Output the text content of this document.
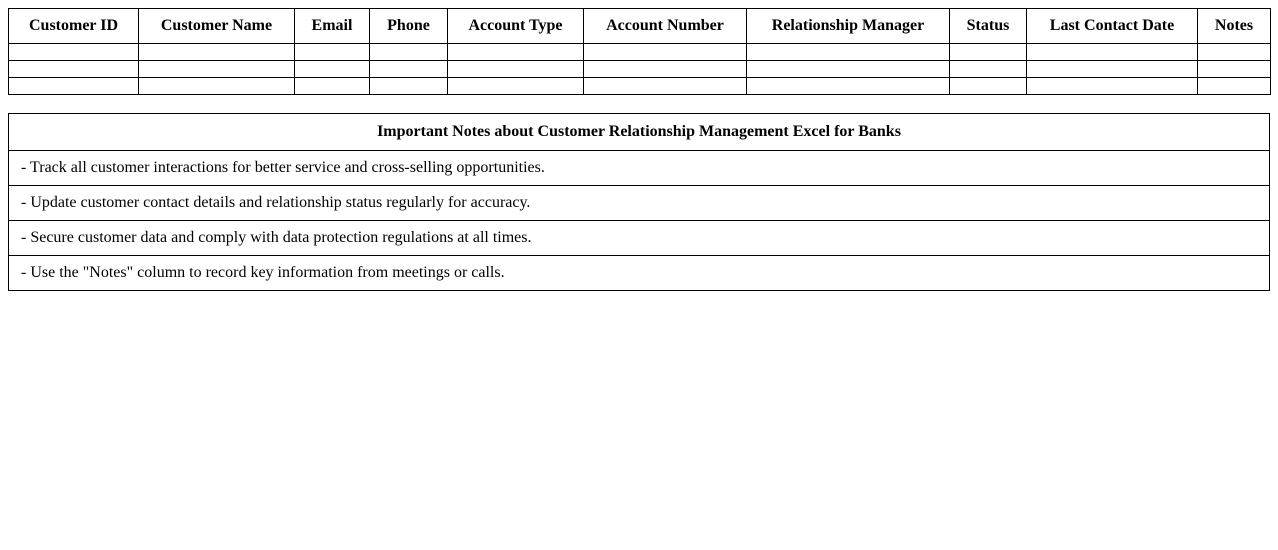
Customer ID	Customer Name	Email	Phone	Account Type	Account Number	Relationship Manager	Status	Last Contact Date	Notes

Important Notes about Customer Relationship Management Excel for Banks
- Track all customer interactions for better service and cross-selling opportunities.
- Update customer contact details and relationship status regularly for accuracy.
- Secure customer data and comply with data protection regulations at all times.
- Use the "Notes" column to record key information from meetings or calls.
